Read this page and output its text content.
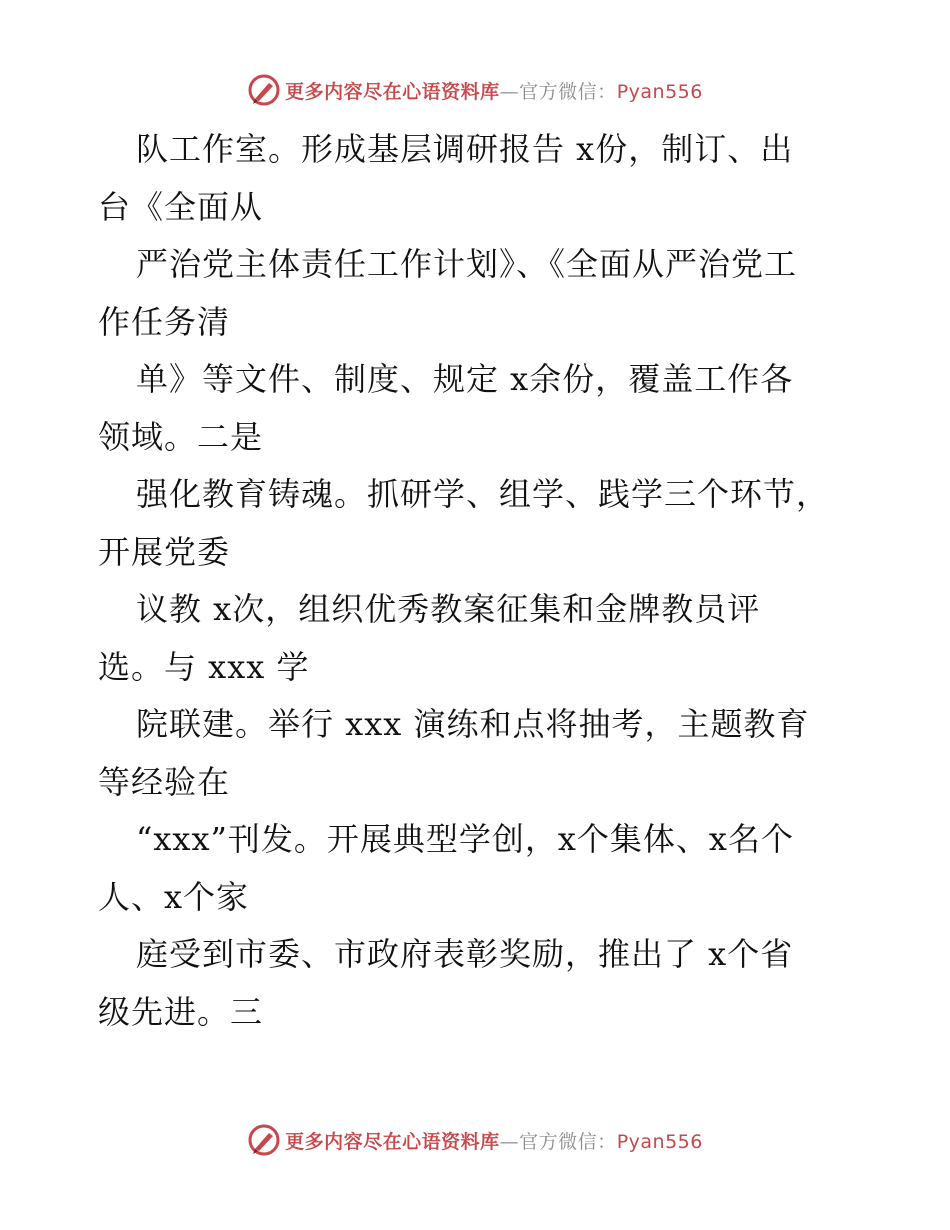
更多内容尽在心语资料库—官方微信：Pyan556
队工作室。形成基层调研报告 x份，制订、出
台《全面从
严治党主体责任工作计划》、《全面从严治党工
作任务清
单》等文件、制度、规定 x余份，覆盖工作各
领域。二是
强化教育铸魂。抓研学、组学、践学三个环节，
开展党委
议教 x次，组织优秀教案征集和金牌教员评
选。与 xxx 学
院联建。举行 xxx 演练和点将抽考，主题教育
等经验在
“xxx”刊发。开展典型学创，x个集体、x名个
人、x个家
庭受到市委、市政府表彰奖励，推出了 x个省
级先进。三
更多内容尽在心语资料库—官方微信：Pyan556
